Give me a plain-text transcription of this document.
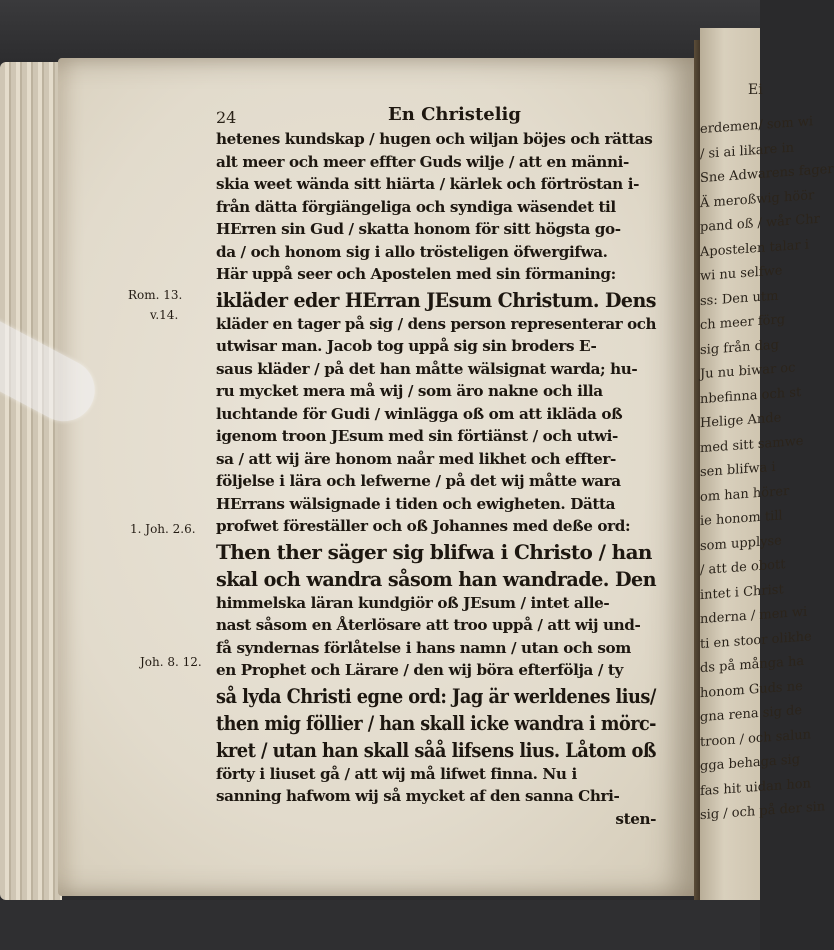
erdemen/ som wi
/ si ai likare in
Sne Adwarens fager
Ä meroßwig höör
pand oß / wår Chr
Apostelen talar i
wi nu selfwe
ss: Den utm
ch meer förg
sig från dag
Ju nu biwar oc
nbefinna och st
Helige Ande
med sitt samwe
sen blifwa i
om han hörer
ie honom till
som upplyse
/ att de obott
intet i Christ
nderna / men wi
ti en stoor olikhe
ds på många ha
honom Guds ne
gna rena sig de
troon / och salun
gga behaga sig
fas hit uidan hon
sig / och på der sin
Ei
24	En Christelig
Rom. 13.
v.14.
1. Joh. 2.6.
Joh. 8. 12.
hetenes kundskap / hugen och wiljan böjes och rättas
alt meer och meer effter Guds wilje / att en männi-
skia weet wända sitt hiärta / kärlek och förtröstan i-
från dätta förgiängeliga och syndiga wäsendet til
HErren sin Gud / skatta honom för sitt högsta go-
da / och honom sig i allo tröstеligen öfwergifwa.
Här uppå seer och Apostelen med sin förmaning:
ikläder eder HErran JEsum Christum. Dens
kläder en tager på sig / dens person representerar och
utwisar man. Jacob tog uppå sig sin broders E-
saus kläder / på det han måtte wälsignat warda; hu-
ru mycket mera må wij / som äro nakne och illa
luchtande för Gudi / winlägga oß om att ikläda oß
igenom troon JEsum med sin förtiänst / och utwi-
sa / att wij äre honom naår med likhet och effter-
följelse i lära och lefwerne / på det wij måtte wara
HErrans wälsignade i tiden och ewigheten. Dätta
profwet föreställer och oß Johannes med deße ord:
Then ther säger sig blifwa i Christo / han
skal och wandra såsom han wandrade. Den
himmelska läran kundgiör oß JEsum / intet alle-
nast såsom en Återlösare att troo uppå / att wij und-
få syndernas förlåtelse i hans namn / utan och som
en Prophet och Lärare / den wij böra efterfölja / ty
så lyda Christi egne ord: Jag är werldenes lius/
then mig föllier / han skall icke wandra i mörc-
kret / utan han skall såå lifsens lius. Låtom oß
förty i liuset gå / att wij må lifwet finna. Nu i
sanning hafwom wij så mycket af den sanna Chri-
sten-
